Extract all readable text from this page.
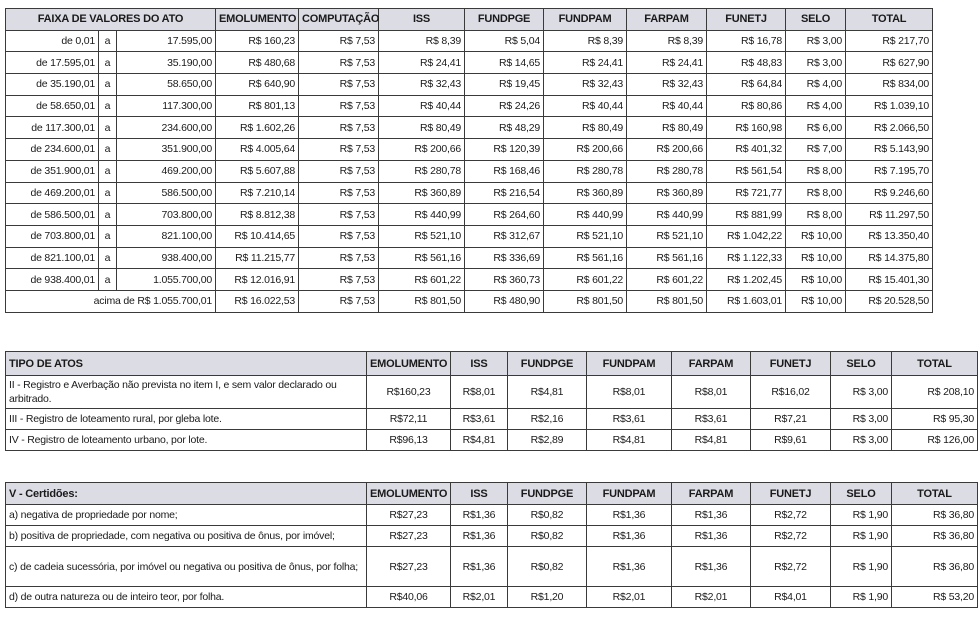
FAIXA DE VALORES DO ATO			EMOLUMENTO	COMPUTAÇÃO	ISS	FUNDPGE	FUNDPAM	FARPAM	FUNETJ	SELO	TOTAL
de 0,01	a	17.595,00	R$ 160,23	R$ 7,53	R$ 8,39	R$ 5,04	R$ 8,39	R$ 8,39	R$ 16,78	R$ 3,00	R$ 217,70
de 17.595,01	a	35.190,00	R$ 480,68	R$ 7,53	R$ 24,41	R$ 14,65	R$ 24,41	R$ 24,41	R$ 48,83	R$ 3,00	R$ 627,90
de 35.190,01	a	58.650,00	R$ 640,90	R$ 7,53	R$ 32,43	R$ 19,45	R$ 32,43	R$ 32,43	R$ 64,84	R$ 4,00	R$ 834,00
de 58.650,01	a	117.300,00	R$ 801,13	R$ 7,53	R$ 40,44	R$ 24,26	R$ 40,44	R$ 40,44	R$ 80,86	R$ 4,00	R$ 1.039,10
de 117.300,01	a	234.600,00	R$ 1.602,26	R$ 7,53	R$ 80,49	R$ 48,29	R$ 80,49	R$ 80,49	R$ 160,98	R$ 6,00	R$ 2.066,50
de 234.600,01	a	351.900,00	R$ 4.005,64	R$ 7,53	R$ 200,66	R$ 120,39	R$ 200,66	R$ 200,66	R$ 401,32	R$ 7,00	R$ 5.143,90
de 351.900,01	a	469.200,00	R$ 5.607,88	R$ 7,53	R$ 280,78	R$ 168,46	R$ 280,78	R$ 280,78	R$ 561,54	R$ 8,00	R$ 7.195,70
de 469.200,01	a	586.500,00	R$ 7.210,14	R$ 7,53	R$ 360,89	R$ 216,54	R$ 360,89	R$ 360,89	R$ 721,77	R$ 8,00	R$ 9.246,60
de 586.500,01	a	703.800,00	R$ 8.812,38	R$ 7,53	R$ 440,99	R$ 264,60	R$ 440,99	R$ 440,99	R$ 881,99	R$ 8,00	R$ 11.297,50
de 703.800,01	a	821.100,00	R$ 10.414,65	R$ 7,53	R$ 521,10	R$ 312,67	R$ 521,10	R$ 521,10	R$ 1.042,22	R$ 10,00	R$ 13.350,40
de 821.100,01	a	938.400,00	R$ 11.215,77	R$ 7,53	R$ 561,16	R$ 336,69	R$ 561,16	R$ 561,16	R$ 1.122,33	R$ 10,00	R$ 14.375,80
de 938.400,01	a	1.055.700,00	R$ 12.016,91	R$ 7,53	R$ 601,22	R$ 360,73	R$ 601,22	R$ 601,22	R$ 1.202,45	R$ 10,00	R$ 15.401,30
acima de R$ 1.055.700,01			R$ 16.022,53	R$ 7,53	R$ 801,50	R$ 480,90	R$ 801,50	R$ 801,50	R$ 1.603,01	R$ 10,00	R$ 20.528,50
TIPO DE ATOS	EMOLUMENTO	ISS	FUNDPGE	FUNDPAM	FARPAM	FUNETJ	SELO	TOTAL
II - Registro e Averbação não prevista no item I, e sem valor declarado ou arbitrado.	R$160,23	R$8,01	R$4,81	R$8,01	R$8,01	R$16,02	R$ 3,00	R$ 208,10
III - Registro de loteamento rural, por gleba lote.	R$72,11	R$3,61	R$2,16	R$3,61	R$3,61	R$7,21	R$ 3,00	R$ 95,30
IV - Registro de loteamento urbano, por lote.	R$96,13	R$4,81	R$2,89	R$4,81	R$4,81	R$9,61	R$ 3,00	R$ 126,00
V - Certidões:	EMOLUMENTO	ISS	FUNDPGE	FUNDPAM	FARPAM	FUNETJ	SELO	TOTAL
a) negativa de propriedade por nome;	R$27,23	R$1,36	R$0,82	R$1,36	R$1,36	R$2,72	R$ 1,90	R$ 36,80
b) positiva de propriedade, com negativa ou positiva de ônus, por imóvel;	R$27,23	R$1,36	R$0,82	R$1,36	R$1,36	R$2,72	R$ 1,90	R$ 36,80
c) de cadeia sucessória, por imóvel ou negativa ou positiva de ônus, por folha;	R$27,23	R$1,36	R$0,82	R$1,36	R$1,36	R$2,72	R$ 1,90	R$ 36,80
d) de outra natureza ou de inteiro teor, por folha.	R$40,06	R$2,01	R$1,20	R$2,01	R$2,01	R$4,01	R$ 1,90	R$ 53,20
